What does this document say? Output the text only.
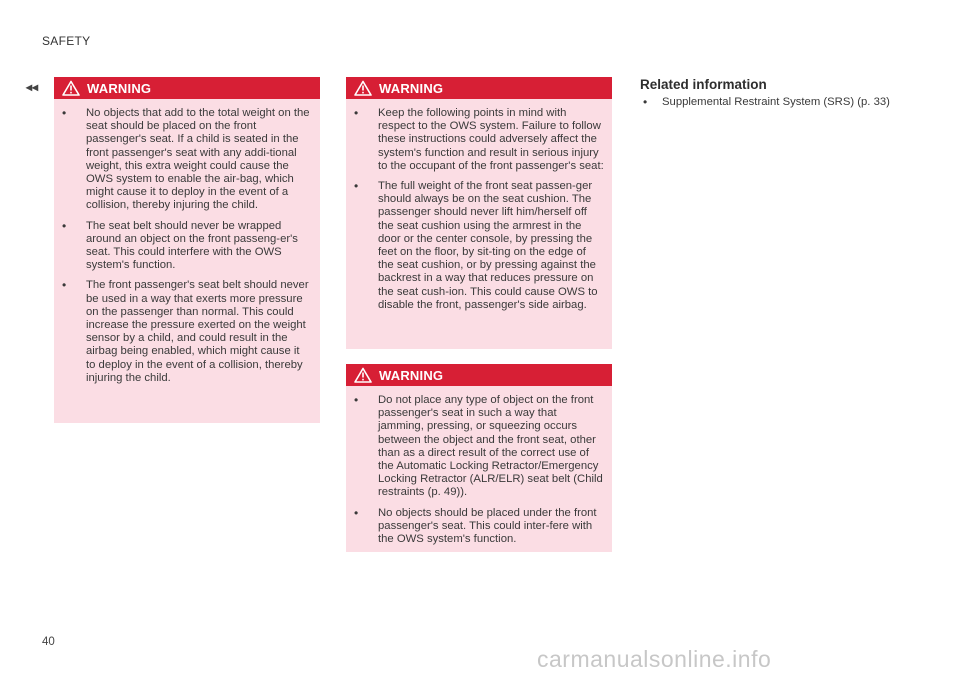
SAFETY
◂◂	WARNING
• No objects that add to the total weight on the seat should be placed on the front passenger's seat. If a child is seated in the front passenger's seat with any addi-tional weight, this extra weight could cause the OWS system to enable the air-bag, which might cause it to deploy in the event of a collision, thereby injuring the child.
• The seat belt should never be wrapped around an object on the front passeng-er's seat. This could interfere with the OWS system's function.
• The front passenger's seat belt should never be used in a way that exerts more pressure on the passenger than normal. This could increase the pressure exerted on the weight sensor by a child, and could result in the airbag being enabled, which might cause it to deploy in the event of a collision, thereby injuring the child.
WARNING
• Keep the following points in mind with respect to the OWS system. Failure to follow these instructions could adversely affect the system's function and result in serious injury to the occupant of the front passenger's seat:
• The full weight of the front seat passen-ger should always be on the seat cushion. The passenger should never lift him/herself off the seat cushion using the armrest in the door or the center console, by pressing the feet on the floor, by sit-ting on the edge of the seat cushion, or by pressing against the backrest in a way that reduces pressure on the seat cush-ion. This could cause OWS to disable the front, passenger's side airbag.
WARNING
• Do not place any type of object on the front passenger's seat in such a way that jamming, pressing, or squeezing occurs between the object and the front seat, other than as a direct result of the correct use of the Automatic Locking Retractor/Emergency Locking Retractor (ALR/ELR) seat belt (Child restraints (p. 49)).
• No objects should be placed under the front passenger's seat. This could inter-fere with the OWS system's function.
Related information
• Supplemental Restraint System (SRS) (p. 33)
40
carmanualsonline.info
